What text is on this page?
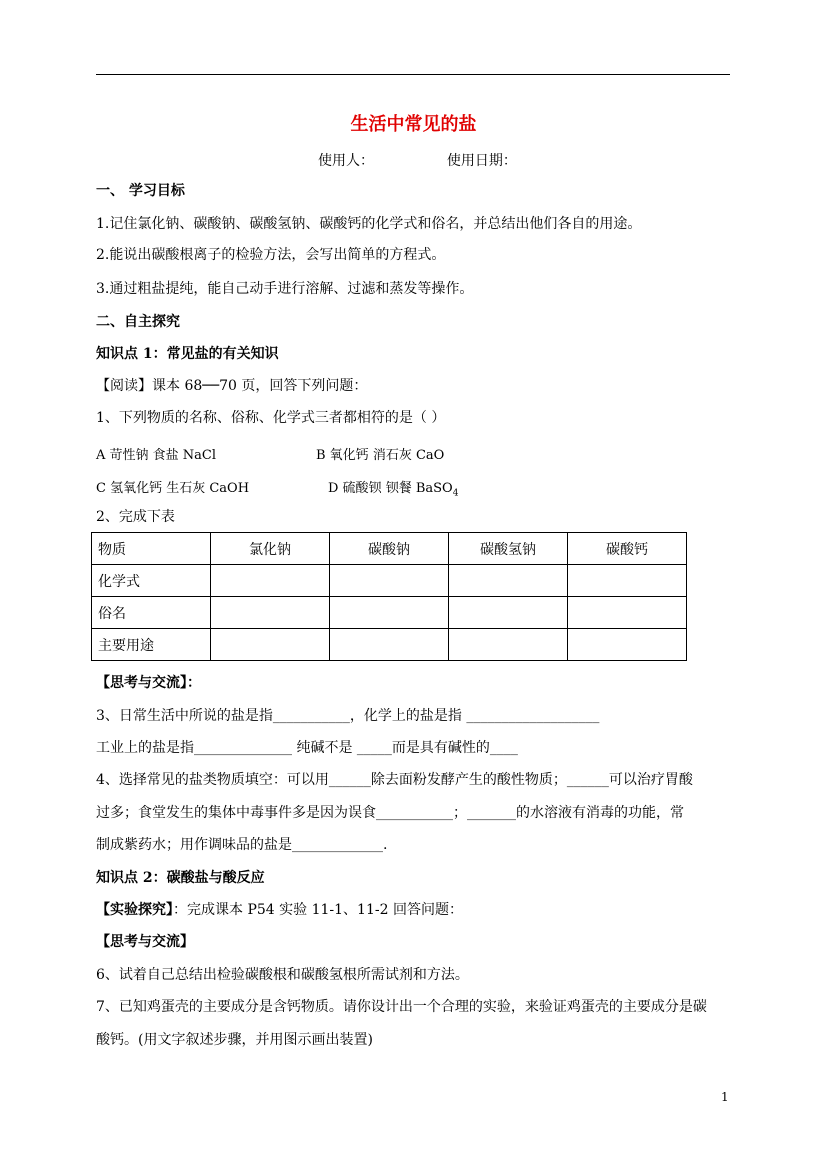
生活中常见的盐
使用人：	使用日期：
一、 学习目标
1.记住氯化钠、碳酸钠、碳酸氢钠、碳酸钙的化学式和俗名，并总结出他们各自的用途。
2.能说出碳酸根离子的检验方法，会写出简单的方程式。
3.通过粗盐提纯，能自己动手进行溶解、过滤和蒸发等操作。
二、自主探究
知识点 1：常见盐的有关知识
【阅读】课本 68──70 页，回答下列问题：
1、下列物质的名称、俗称、化学式三者都相符的是（ ）
A 苛性钠 食盐 NaCl	B 氧化钙 消石灰 CaO
C 氢氧化钙 生石灰 CaOH	D 硫酸钡 钡餐 BaSO$_4$
2、完成下表
物质	氯化钠	碳酸钠	碳酸氢钠	碳酸钙
化学式				
俗名				
主要用途				
【思考与交流】：
3、日常生活中所说的盐是指___________，化学上的盐是指 ___________________
工业上的盐是指______________ 纯碱不是 _____而是具有碱性的____
4、选择常见的盐类物质填空：可以用______除去面粉发酵产生的酸性物质；______可以治疗胃酸
过多；食堂发生的集体中毒事件多是因为误食___________；_______的水溶液有消毒的功能，常
制成紫药水；用作调味品的盐是_____________.
知识点 2：碳酸盐与酸反应
【实验探究】：完成课本 P54 实验 11-1、11-2 回答问题：
【思考与交流】
6、试着自己总结出检验碳酸根和碳酸氢根所需试剂和方法。
7、已知鸡蛋壳的主要成分是含钙物质。请你设计出一个合理的实验，来验证鸡蛋壳的主要成分是碳
酸钙。(用文字叙述步骤，并用图示画出装置)
1
